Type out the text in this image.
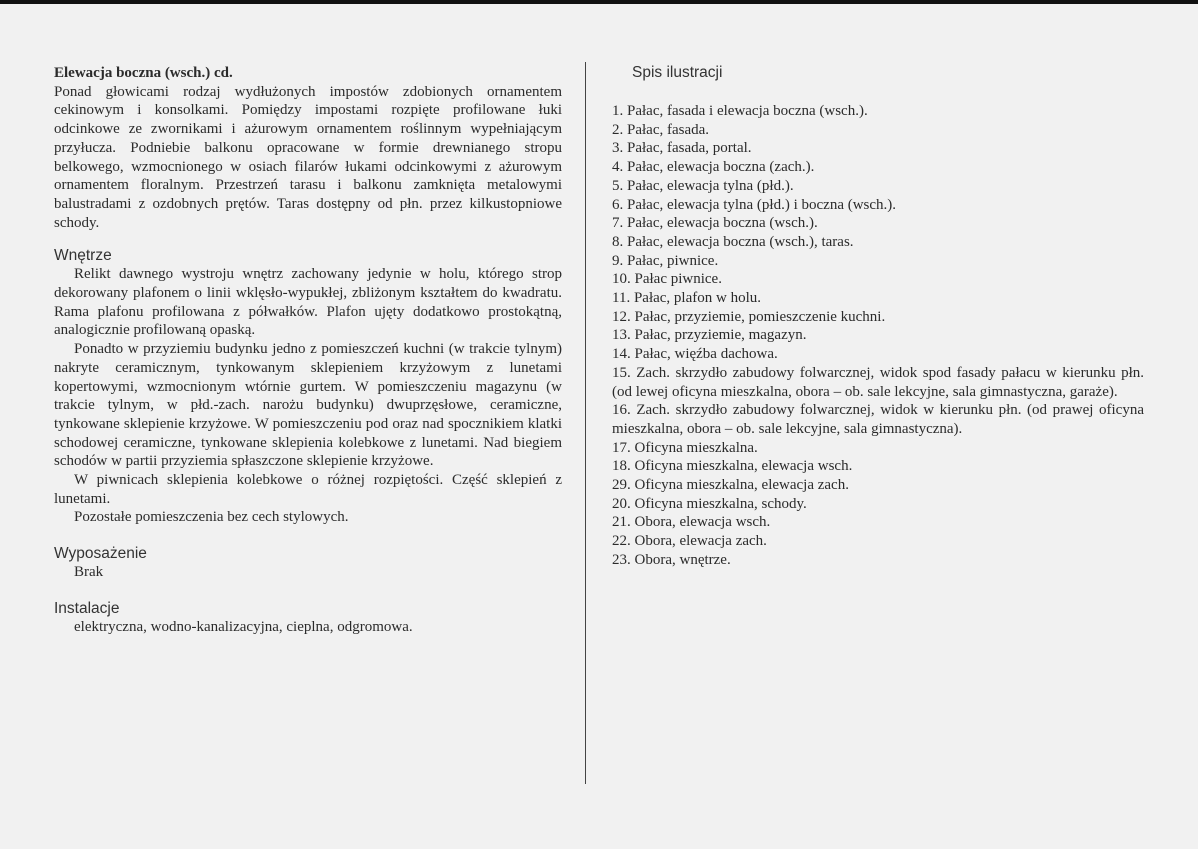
Elewacja boczna (wsch.) cd.

Ponad głowicami rodzaj wydłużonych impostów zdobionych ornamentem cekinowym i konsolkami. Pomiędzy impostami rozpięte profilowane łuki odcinkowe ze zwornikami i ażurowym ornamentem roślinnym wypełniającym przyłucza. Podniebie balkonu opracowane w formie drewnianego stropu belkowego, wzmocnionego w osiach filarów łukami odcinkowymi z ażurowym ornamentem floralnym. Przestrzeń tarasu i balkonu zamknięta metalowymi balustradami z ozdobnych prętów. Taras dostępny od płn. przez kilkustopniowe schody.

Wnętrze

Relikt dawnego wystroju wnętrz zachowany jedynie w holu, którego strop dekorowany plafonem o linii wklęsło-wypukłej, zbliżonym kształtem do kwadratu. Rama plafonu profilowana z półwałków. Plafon ujęty dodatkowo prostokątną, analogicznie profilowaną opaską.

Ponadto w przyziemiu budynku jedno z pomieszczeń kuchni (w trakcie tylnym) nakryte ceramicznym, tynkowanym sklepieniem krzyżowym z lunetami kopertowymi, wzmocnionym wtórnie gurtem. W pomieszczeniu magazynu (w trakcie tylnym, w płd.-zach. narożu budynku) dwuprzęsłowe, ceramiczne, tynkowane sklepienie krzyżowe. W pomieszczeniu pod oraz nad spocznikiem klatki schodowej ceramiczne, tynkowane sklepienia kolebkowe z lunetami. Nad biegiem schodów w partii przyziemia spłaszczone sklepienie krzyżowe.

W piwnicach sklepienia kolebkowe o różnej rozpiętości. Część sklepień z lunetami.

Pozostałe pomieszczenia bez cech stylowych.

Wyposażenie

Brak

Instalacje

elektryczna, wodno-kanalizacyjna, cieplna, odgromowa.

Spis ilustracji
1. Pałac, fasada i elewacja boczna (wsch.).
2. Pałac, fasada.
3. Pałac, fasada, portal.
4. Pałac, elewacja boczna (zach.).
5. Pałac, elewacja tylna (płd.).
6. Pałac, elewacja tylna (płd.) i boczna (wsch.).
7. Pałac, elewacja boczna (wsch.).
8. Pałac, elewacja boczna (wsch.), taras.
9. Pałac, piwnice.
10. Pałac piwnice.
11. Pałac, plafon w holu.
12. Pałac, przyziemie, pomieszczenie kuchni.
13. Pałac, przyziemie, magazyn.
14. Pałac, więźba dachowa.
15. Zach. skrzydło zabudowy folwarcznej, widok spod fasady pałacu w kierunku płn. (od lewej oficyna mieszkalna, obora – ob. sale lekcyjne, sala gimnastyczna, garaże).
16. Zach. skrzydło zabudowy folwarcznej, widok w kierunku płn. (od prawej oficyna mieszkalna, obora – ob. sale lekcyjne, sala gimnastyczna).
17. Oficyna mieszkalna.
18. Oficyna mieszkalna, elewacja wsch.
29. Oficyna mieszkalna, elewacja zach.
20. Oficyna mieszkalna, schody.
21. Obora, elewacja wsch.
22. Obora, elewacja zach.
23. Obora, wnętrze.
